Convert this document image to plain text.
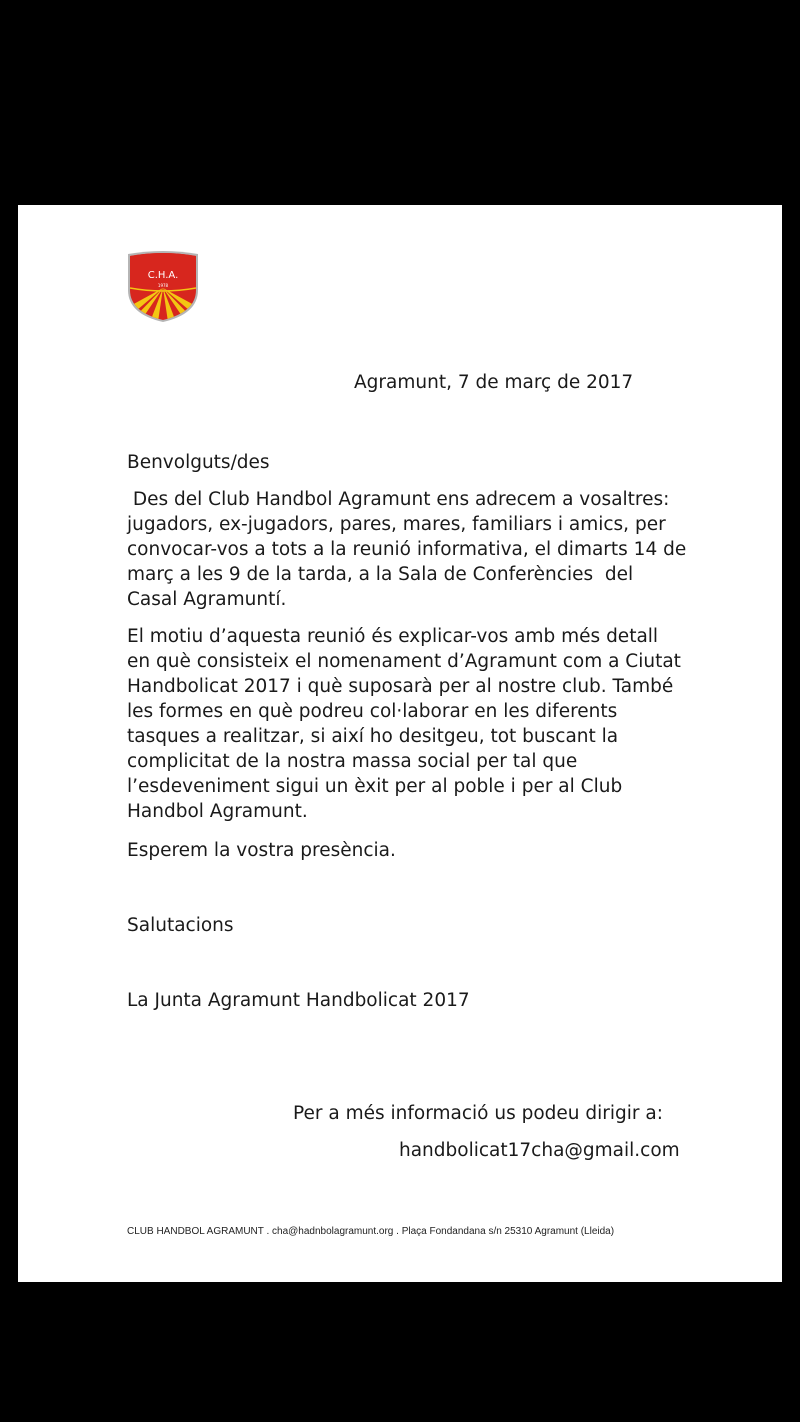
C.H.A.
1978
Agramunt, 7 de març de 2017

Benvolguts/des

Des del Club Handbol Agramunt ens adrecem a vosaltres: jugadors, ex-jugadors, pares, mares, familiars i amics, per convocar-vos a tots a la reunió informativa, el dimarts 14 de març a les 9 de la tarda, a la Sala de Conferències  del Casal Agramuntí.

El motiu d’aquesta reunió és explicar-vos amb més detall en què consisteix el nomenament d’Agramunt com a Ciutat Handbolicat 2017 i què suposarà per al nostre club. També les formes en què podreu col·laborar en les diferents tasques a realitzar, si així ho desitgeu, tot buscant la complicitat de la nostra massa social per tal que l’esdeveniment sigui un èxit per al poble i per al Club Handbol Agramunt.

Esperem la vostra presència.

Salutacions

La Junta Agramunt Handbolicat 2017

Per a més informació us podeu dirigir a:
handbolicat17cha@gmail.com
CLUB HANDBOL AGRAMUNT . cha@hadnbolagramunt.org . Plaça Fondandana s/n 25310 Agramunt (Lleida)
